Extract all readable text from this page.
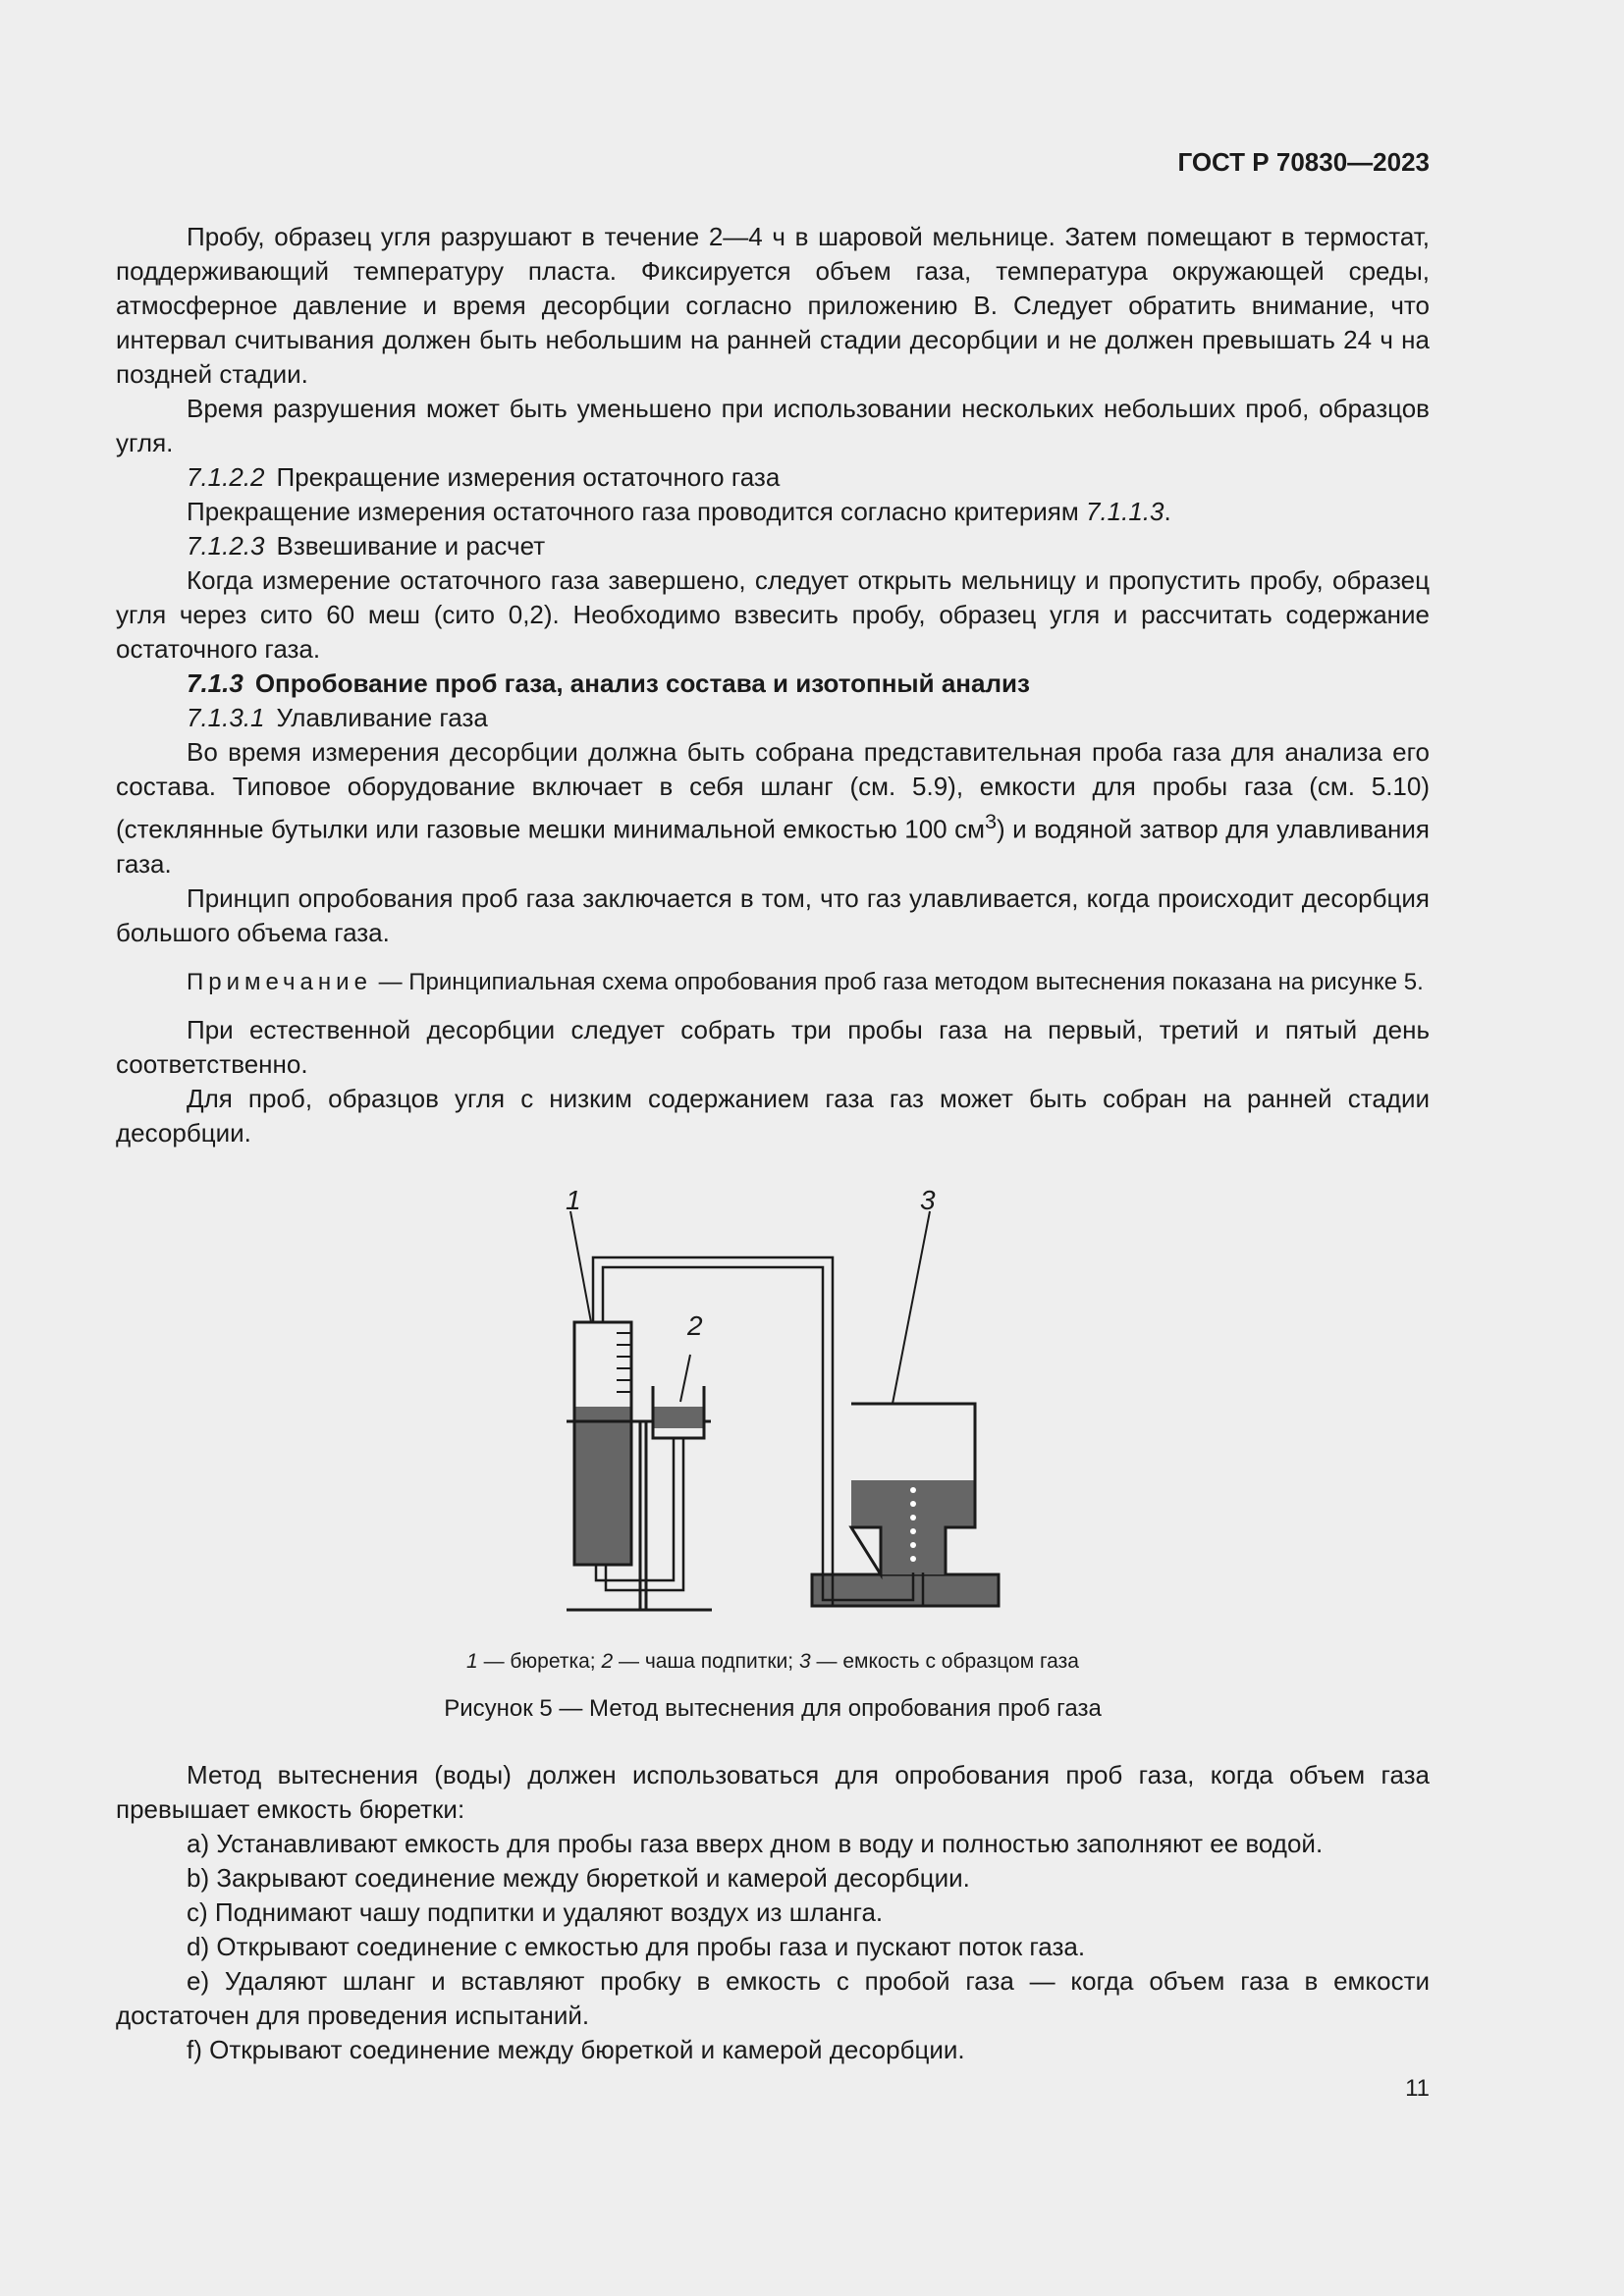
ГОСТ Р 70830—2023

Пробу, образец угля разрушают в течение 2—4 ч в шаровой мельнице. Затем помещают в термостат, поддерживающий температуру пласта. Фиксируется объем газа, температура окружающей среды, атмосферное давление и время десорбции согласно приложению В. Следует обратить внимание, что интервал считывания должен быть небольшим на ранней стадии десорбции и не должен превышать 24 ч на поздней стадии.

Время разрушения может быть уменьшено при использовании нескольких небольших проб, образцов угля.

7.1.2.2 Прекращение измерения остаточного газа

Прекращение измерения остаточного газа проводится согласно критериям 7.1.1.3.

7.1.2.3 Взвешивание и расчет

Когда измерение остаточного газа завершено, следует открыть мельницу и пропустить пробу, образец угля через сито 60 меш (сито 0,2). Необходимо взвесить пробу, образец угля и рассчитать содержание остаточного газа.

7.1.3 Опробование проб газа, анализ состава и изотопный анализ
7.1.3.1 Улавливание газа

Во время измерения десорбции должна быть собрана представительная проба газа для анализа его состава. Типовое оборудование включает в себя шланг (см. 5.9), емкости для пробы газа (см. 5.10) (стеклянные бутылки или газовые мешки минимальной емкостью 100 $см^3$) и водяной затвор для улавливания газа.

Принцип опробования проб газа заключается в том, что газ улавливается, когда происходит десорбция большого объема газа.

Примечание — Принципиальная схема опробования проб газа методом вытеснения показана на рисунке 5.

При естественной десорбции следует собрать три пробы газа на первый, третий и пятый день соответственно.

Для проб, образцов угля с низким содержанием газа газ может быть собран на ранней стадии десорбции.

1
2
3
1 — бюретка; 2 — чаша подпитки; 3 — емкость с образцом газа
Рисунок 5 — Метод вытеснения для опробования проб газа

Метод вытеснения (воды) должен использоваться для опробования проб газа, когда объем газа превышает емкость бюретки:

a) Устанавливают емкость для пробы газа вверх дном в воду и полностью заполняют ее водой.

b) Закрывают соединение между бюреткой и камерой десорбции.

c) Поднимают чашу подпитки и удаляют воздух из шланга.

d) Открывают соединение с емкостью для пробы газа и пускают поток газа.

e) Удаляют шланг и вставляют пробку в емкость с пробой газа — когда объем газа в емкости достаточен для проведения испытаний.

f) Открывают соединение между бюреткой и камерой десорбции.

11
